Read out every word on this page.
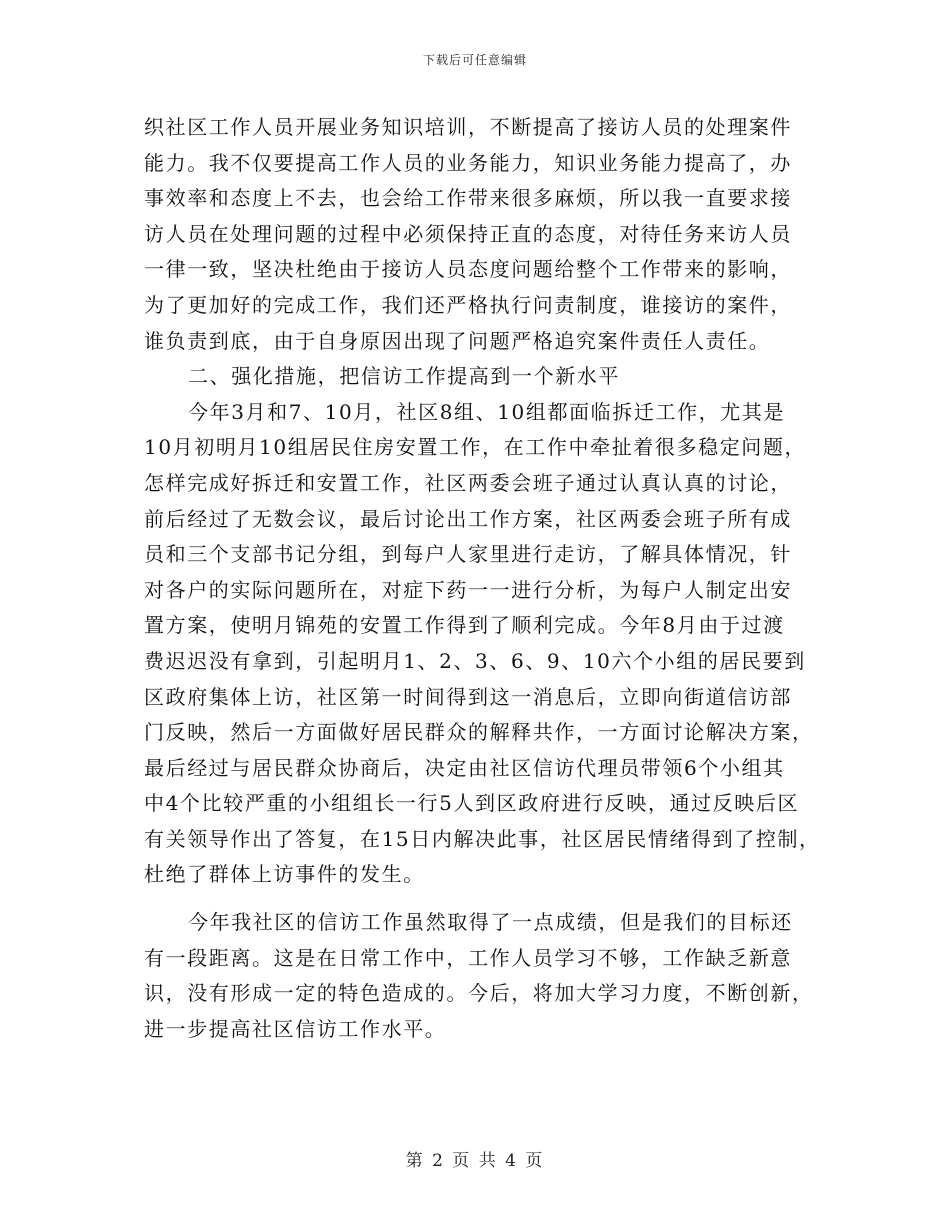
下载后可任意编辑
织社区工作人员开展业务知识培训，不断提高了接访人员的处理案件
能力。我不仅要提高工作人员的业务能力，知识业务能力提高了，办
事效率和态度上不去，也会给工作带来很多麻烦，所以我一直要求接
访人员在处理问题的过程中必须保持正直的态度，对待任务来访人员
一律一致，坚决杜绝由于接访人员态度问题给整个工作带来的影响，
为了更加好的完成工作，我们还严格执行问责制度，谁接访的案件，
谁负责到底，由于自身原因出现了问题严格追究案件责任人责任。
二、强化措施，把信访工作提高到一个新水平
今年3月和7、10月，社区8组、10组都面临拆迁工作，尤其是
10月初明月10组居民住房安置工作，在工作中牵扯着很多稳定问题，
怎样完成好拆迁和安置工作，社区两委会班子通过认真认真的讨论，
前后经过了无数会议，最后讨论出工作方案，社区两委会班子所有成
员和三个支部书记分组，到每户人家里进行走访，了解具体情况，针
对各户的实际问题所在，对症下药一一进行分析，为每户人制定出安
置方案，使明月锦苑的安置工作得到了顺利完成。今年8月由于过渡
费迟迟没有拿到，引起明月1、2、3、6、9、10六个小组的居民要到
区政府集体上访，社区第一时间得到这一消息后，立即向街道信访部
门反映，然后一方面做好居民群众的解释共作，一方面讨论解决方案，
最后经过与居民群众协商后，决定由社区信访代理员带领6个小组其
中4个比较严重的小组组长一行5人到区政府进行反映，通过反映后区
有关领导作出了答复，在15日内解决此事，社区居民情绪得到了控制，
杜绝了群体上访事件的发生。
今年我社区的信访工作虽然取得了一点成绩，但是我们的目标还
有一段距离。这是在日常工作中，工作人员学习不够，工作缺乏新意
识，没有形成一定的特色造成的。今后，将加大学习力度，不断创新，
进一步提高社区信访工作水平。
第 2 页 共 4 页
